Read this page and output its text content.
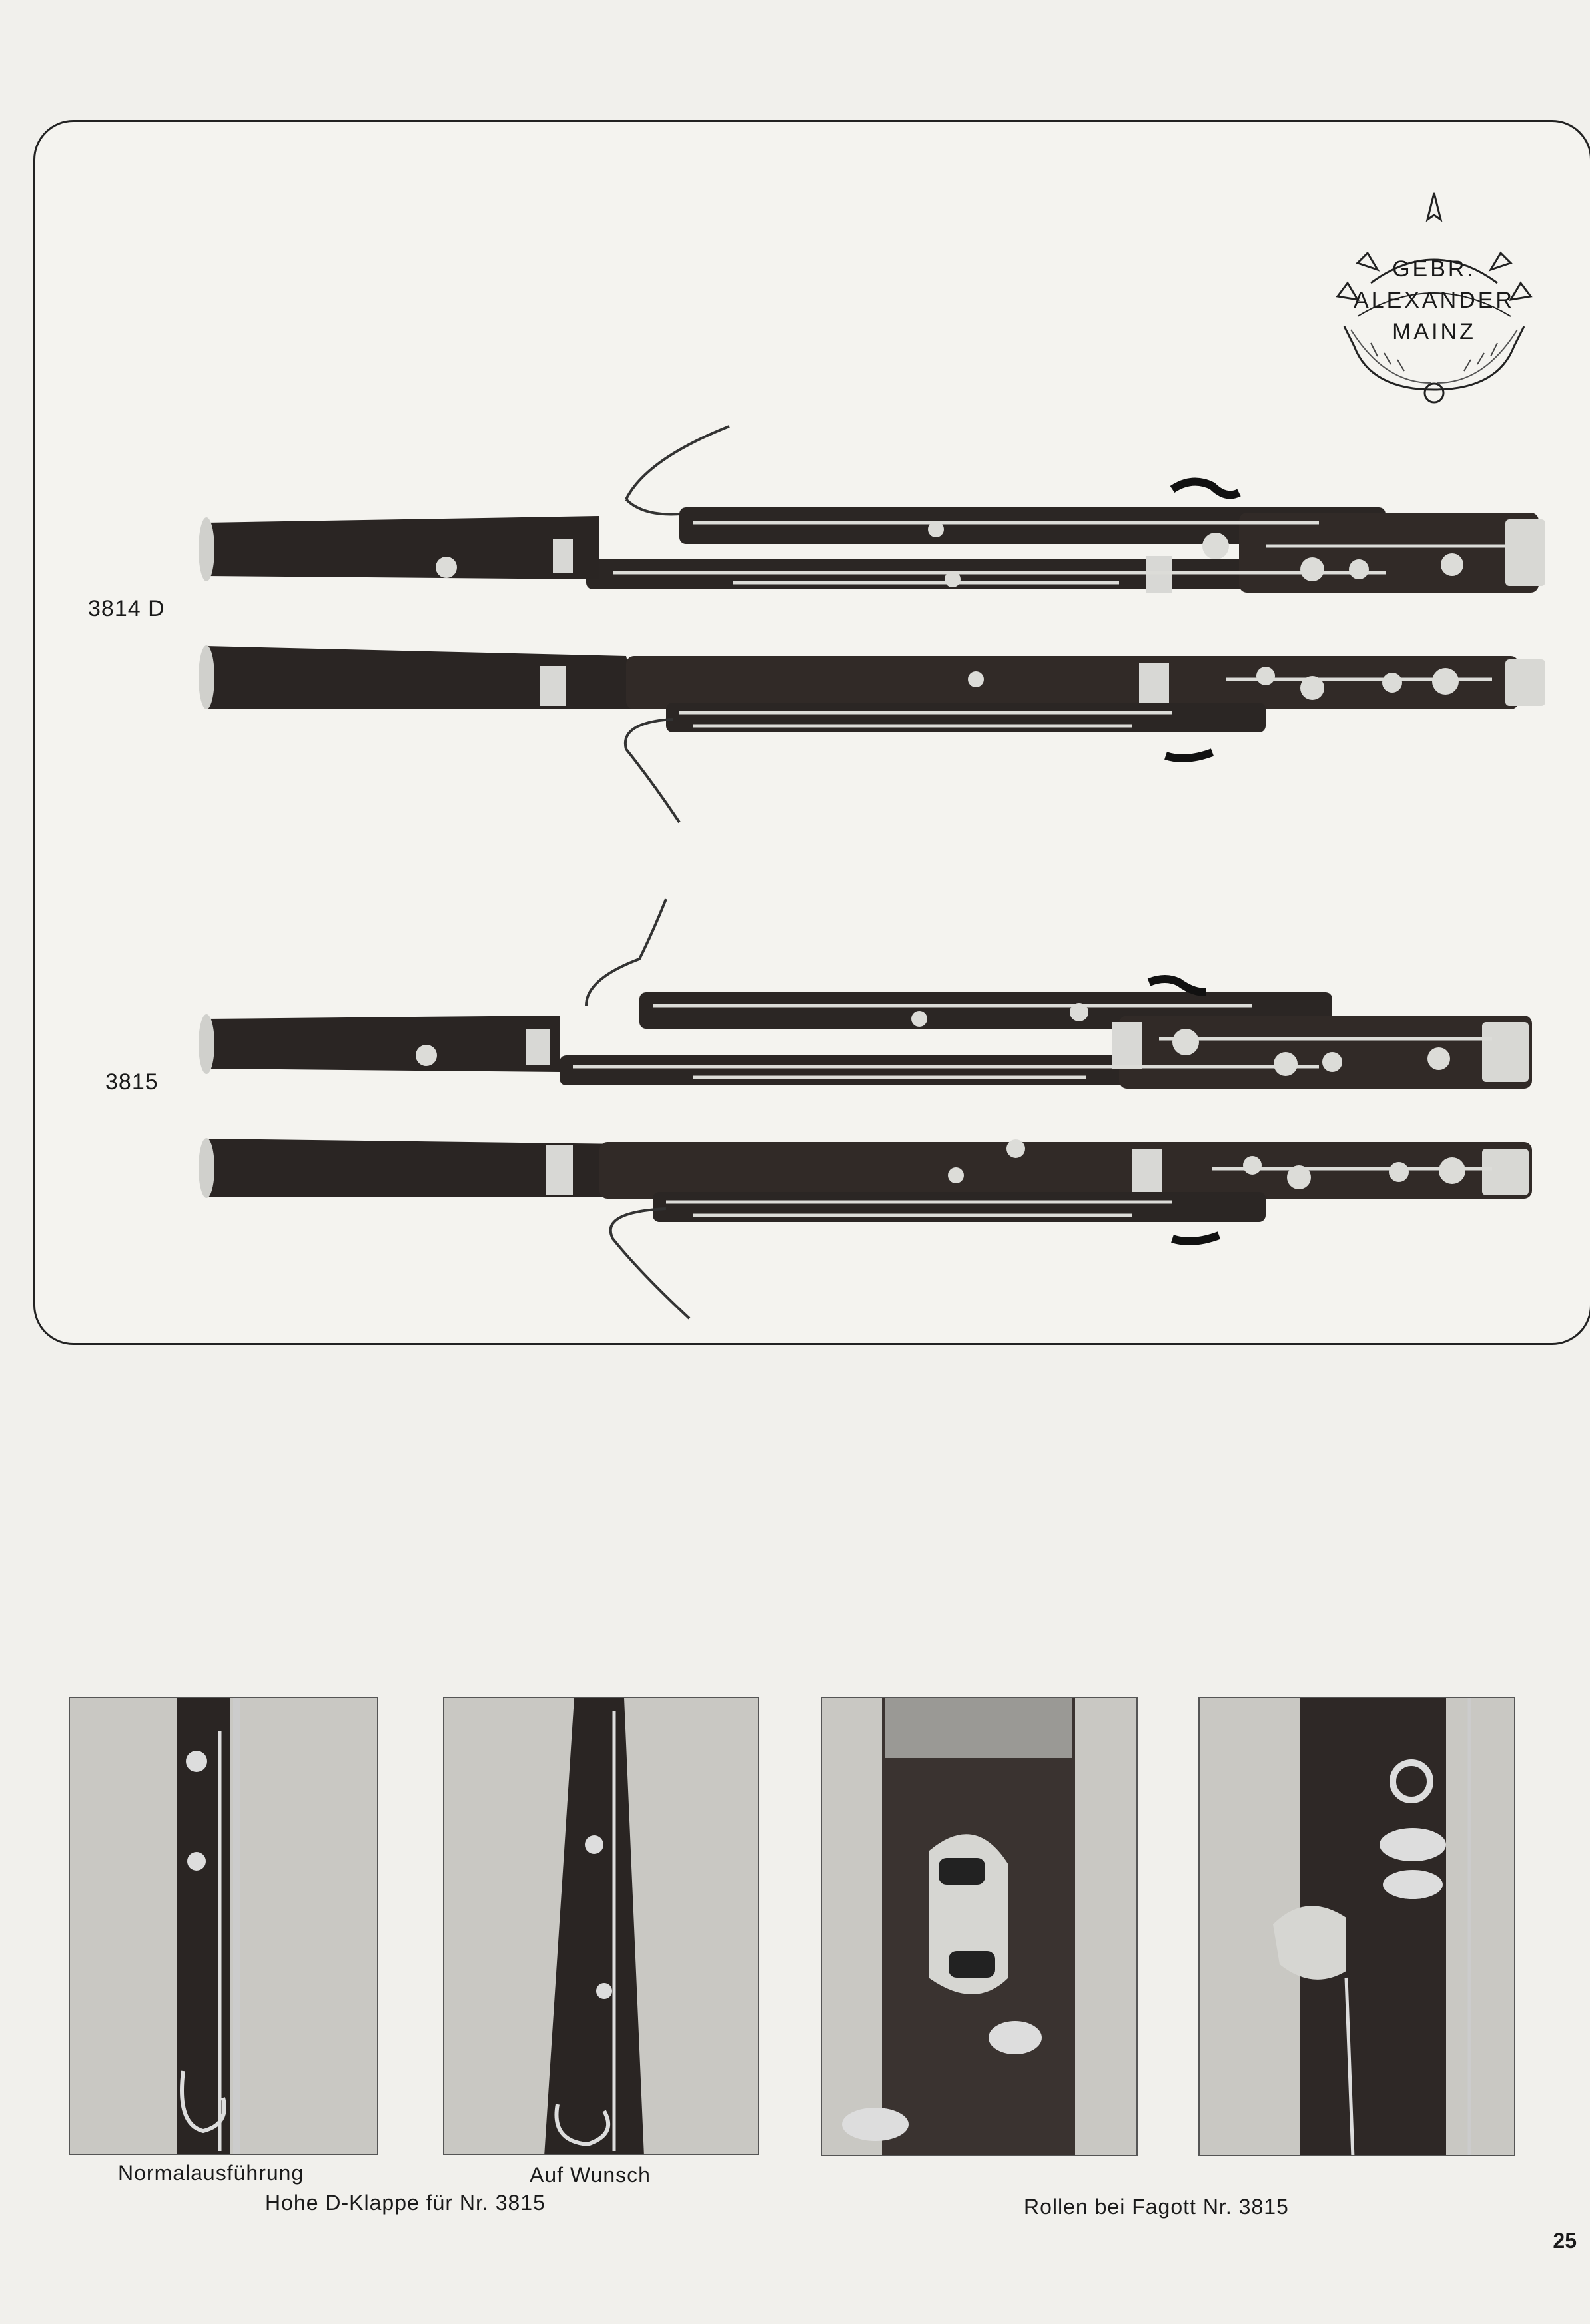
GEBR.
ALEXANDER
MAINZ
3814 D
3815
Normalausführung	Auf Wunsch
Hohe D-Klappe für Nr. 3815	Rollen bei Fagott Nr. 3815
25
